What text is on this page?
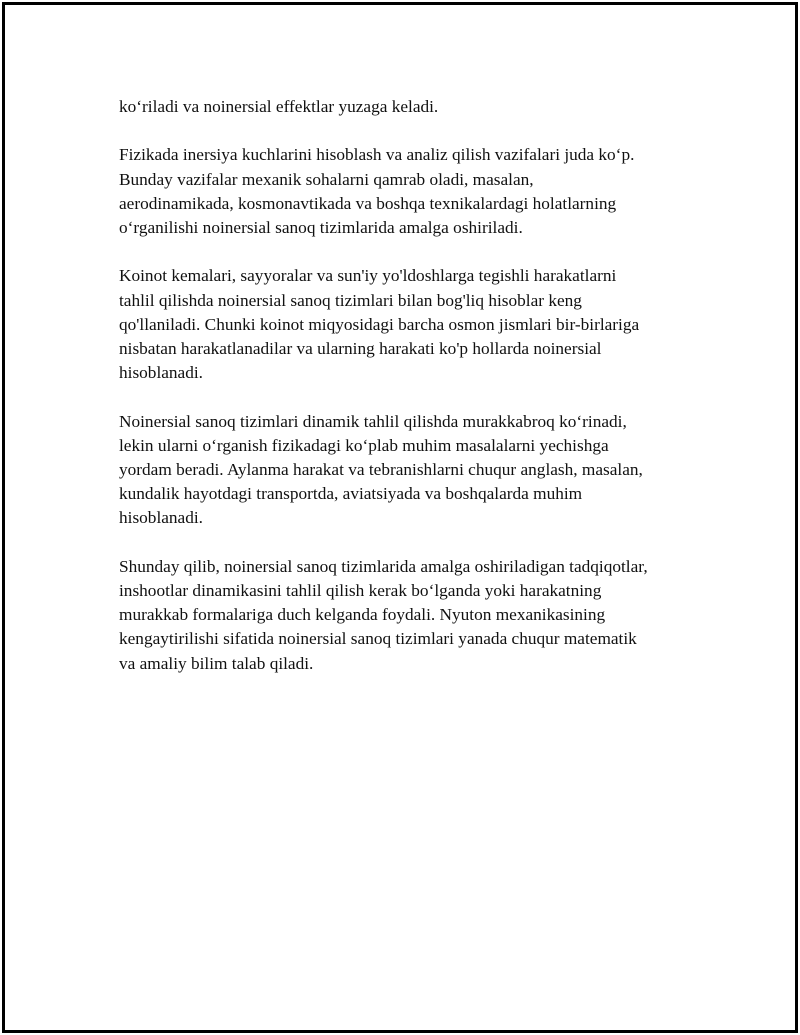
koʻriladi va noinersial effektlar yuzaga keladi.

Fizikada inersiya kuchlarini hisoblash va analiz qilish vazifalari juda koʻp.
Bunday vazifalar mexanik sohalarni qamrab oladi, masalan,
aerodinamikada, kosmonavtikada va boshqa texnikalardagi holatlarning
oʻrganilishi noinersial sanoq tizimlarida amalga oshiriladi.

Koinot kemalari, sayyoralar va sun'iy yo'ldoshlarga tegishli harakatlarni
tahlil qilishda noinersial sanoq tizimlari bilan bog'liq hisoblar keng
qo'llaniladi. Chunki koinot miqyosidagi barcha osmon jismlari bir-birlariga
nisbatan harakatlanadilar va ularning harakati ko'p hollarda noinersial
hisoblanadi.

Noinersial sanoq tizimlari dinamik tahlil qilishda murakkabroq koʻrinadi,
lekin ularni oʻrganish fizikadagi koʻplab muhim masalalarni yechishga
yordam beradi. Aylanma harakat va tebranishlarni chuqur anglash, masalan,
kundalik hayotdagi transportda, aviatsiyada va boshqalarda muhim
hisoblanadi.

Shunday qilib, noinersial sanoq tizimlarida amalga oshiriladigan tadqiqotlar,
inshootlar dinamikasini tahlil qilish kerak boʻlganda yoki harakatning
murakkab formalariga duch kelganda foydali. Nyuton mexanikasining
kengaytirilishi sifatida noinersial sanoq tizimlari yanada chuqur matematik
va amaliy bilim talab qiladi.
